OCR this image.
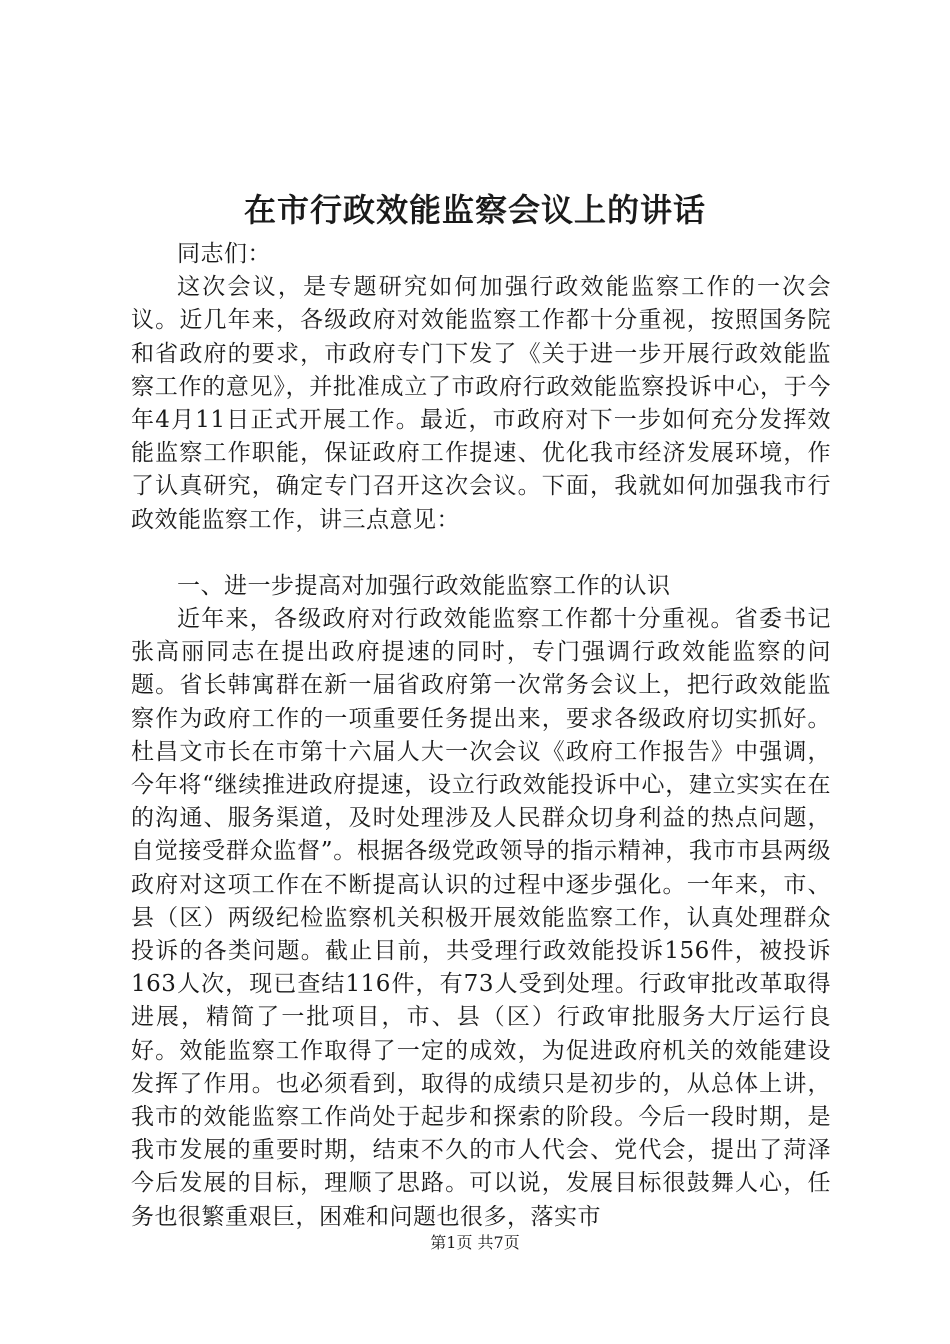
在市行政效能监察会议上的讲话

同志们：

这次会议，是专题研究如何加强行政效能监察工作的一次会议。近几年来，各级政府对效能监察工作都十分重视，按照国务院和省政府的要求，市政府专门下发了《关于进一步开展行政效能监察工作的意见》，并批准成立了市政府行政效能监察投诉中心，于今年4月11日正式开展工作。最近，市政府对下一步如何充分发挥效能监察工作职能，保证政府工作提速、优化我市经济发展环境，作了认真研究，确定专门召开这次会议。下面，我就如何加强我市行政效能监察工作，讲三点意见：

一、进一步提高对加强行政效能监察工作的认识

近年来，各级政府对行政效能监察工作都十分重视。省委书记张高丽同志在提出政府提速的同时，专门强调行政效能监察的问题。省长韩寓群在新一届省政府第一次常务会议上，把行政效能监察作为政府工作的一项重要任务提出来，要求各级政府切实抓好。杜昌文市长在市第十六届人大一次会议《政府工作报告》中强调，今年将“继续推进政府提速，设立行政效能投诉中心，建立实实在在的沟通、服务渠道，及时处理涉及人民群众切身利益的热点问题，自觉接受群众监督”。根据各级党政领导的指示精神，我市市县两级政府对这项工作在不断提高认识的过程中逐步强化。一年来，市、县（区）两级纪检监察机关积极开展效能监察工作，认真处理群众投诉的各类问题。截止目前，共受理行政效能投诉156件，被投诉163人次，现已查结116件，有73人受到处理。行政审批改革取得进展，精简了一批项目，市、县（区）行政审批服务大厅运行良好。效能监察工作取得了一定的成效，为促进政府机关的效能建设发挥了作用。也必须看到，取得的成绩只是初步的，从总体上讲，我市的效能监察工作尚处于起步和探索的阶段。今后一段时期，是我市发展的重要时期，结束不久的市人代会、党代会，提出了菏泽今后发展的目标，理顺了思路。可以说，发展目标很鼓舞人心，任务也很繁重艰巨，困难和问题也很多，落实市

第1页 共7页
